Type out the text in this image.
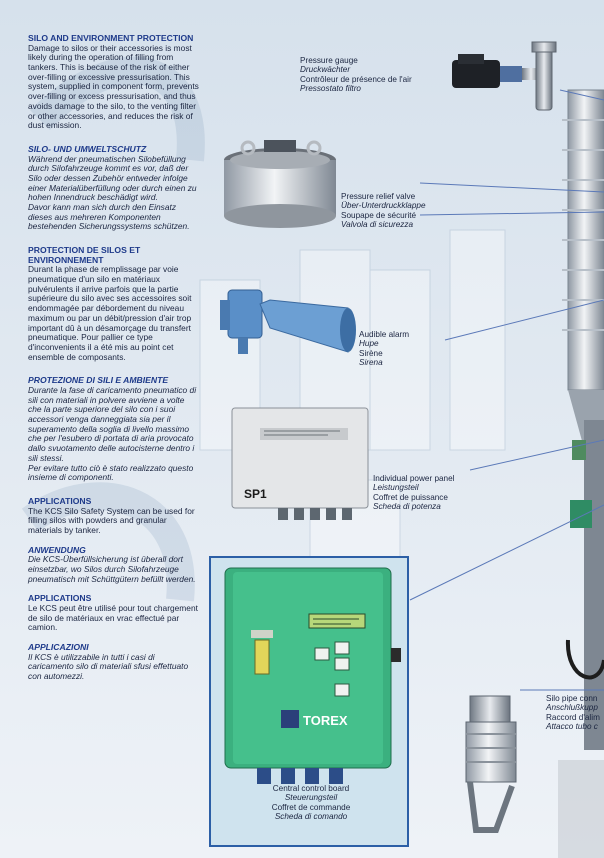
SILO AND ENVIRONMENT PROTECTION

Damage to silos or their accessories is most likely during the operation of filling from tankers. This is because of the risk of either over-filling or excessive pressurisation. This system, supplied in component form, prevents over-filling or excess pressurisation, and thus avoids damage to the silo, to the venting filter or other accessories, and reduces the risk of dust emission.

SILO- UND UMWELTSCHUTZ

Während der pneumatischen Silobefüllung durch Silofahrzeuge kommt es vor, daß der Silo oder dessen Zubehör entweder infolge einer Materialüberfüllung oder durch einen zu hohen Innendruck beschädigt wird.
Davor kann man sich durch den Einsatz dieses aus mehreren Komponenten bestehenden Sicherungssystems schützen.

PROTECTION DE SILOS ET ENVIRONNEMENT

Durant la phase de remplissage par voie pneumatique d'un silo en matériaux pulvérulents il arrive parfois que la partie supérieure du silo avec ses accessoires soit endommagée par débordement du niveau maximum ou par un débit/pression d'air trop important dû à un désamorçage du transfert pneumatique. Pour pallier ce type d'inconvenients il a été mis au point cet ensemble de composants.

PROTEZIONE DI SILI E AMBIENTE

Durante la fase di caricamento pneumatico di sili con materiali in polvere avviene a volte che la parte superiore del silo con i suoi accessori venga danneggiata sia per il superamento della soglia di livello massimo che per l'esubero di portata di aria provocato dallo svuotamento delle autocisterne dentro i sili stessi.
Per evitare tutto ciò è stato realizzato questo insieme di componenti.

APPLICATIONS

The KCS Silo Safety System can be used for filling silos with powders and granular materials by tanker.

ANWENDUNG

Die KCS-Überfüllsicherung ist überall dort einsetzbar, wo Silos durch Silofahrzeuge pneumatisch mit Schüttgütern befüllt werden.

APPLICATIONS

Le KCS peut être utilisé pour tout chargement de silo de matériaux en vrac effectué par camion.

APPLICAZIONI

Il KCS è utilizzabile in tutti i casi di caricamento silo di materiali sfusi effettuato con automezzi.

Pressure gauge
Druckwächter
Contrôleur de présence de l'air
Pressostato filtro
Pressure relief valve
Über-Unterdruckklappe
Soupape de sécurité
Valvola di sicurezza
Audible alarm
Hupe
Sirène
Sirena
SP1
Individual power panel
Leistungsteil
Coffret de puissance
Scheda di potenza
TOREX
Central control board
Steuerungsteil
Coffret de commande
Scheda di comando
Silo pipe conn
Anschlußkupp
Raccord d'alim
Attacco tubo c
